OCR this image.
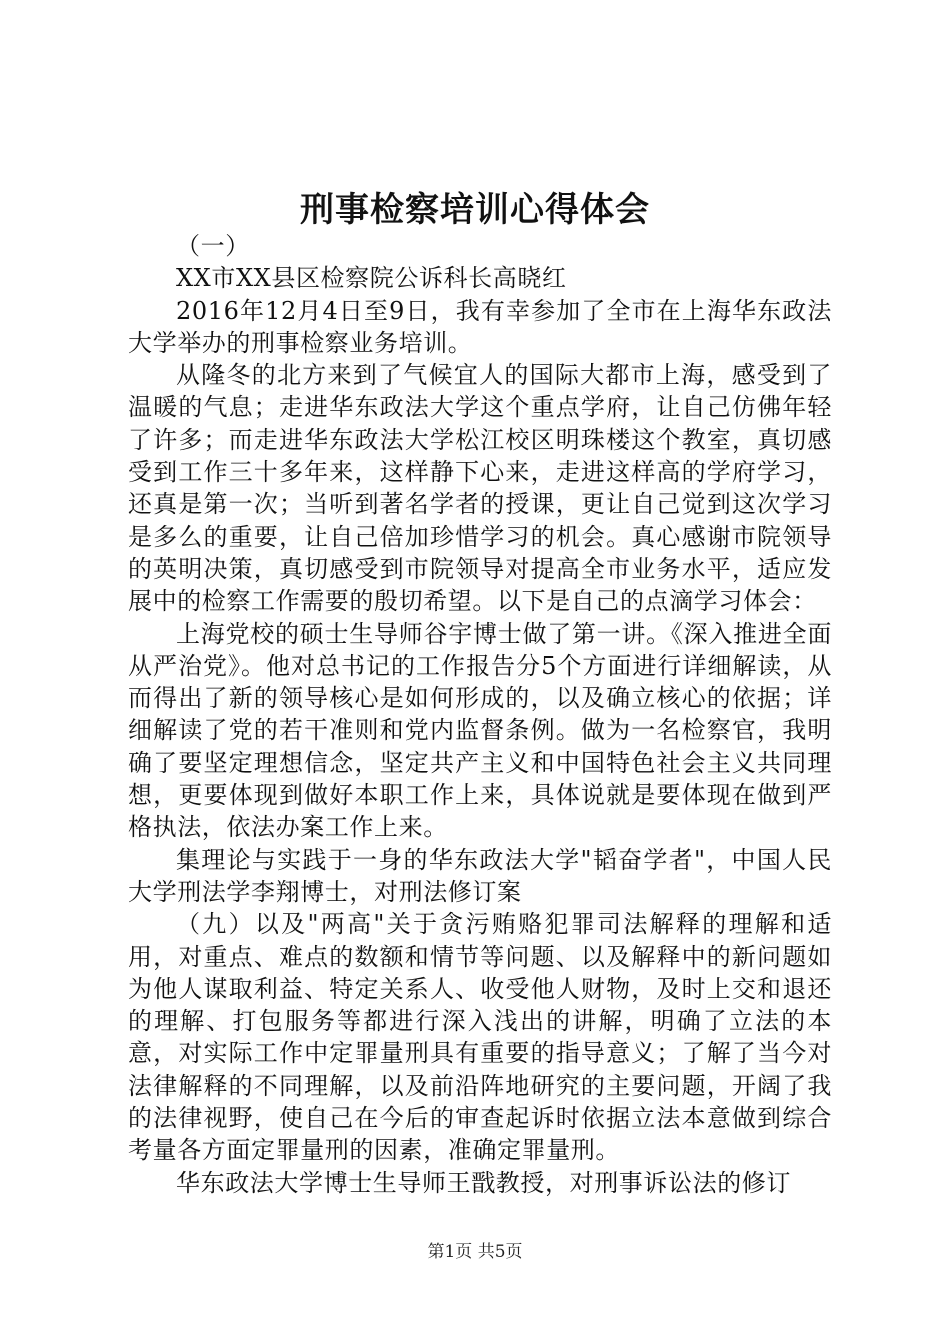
刑事检察培训心得体会

（一）

XX市XX县区检察院公诉科长高晓红

2016年12月4日至9日，我有幸参加了全市在上海华东政法大学举办的刑事检察业务培训。

从隆冬的北方来到了气候宜人的国际大都市上海，感受到了温暖的气息；走进华东政法大学这个重点学府，让自己仿佛年轻了许多；而走进华东政法大学松江校区明珠楼这个教室，真切感受到工作三十多年来，这样静下心来，走进这样高的学府学习，还真是第一次；当听到著名学者的授课，更让自己觉到这次学习是多么的重要，让自己倍加珍惜学习的机会。真心感谢市院领导的英明决策，真切感受到市院领导对提高全市业务水平，适应发展中的检察工作需要的殷切希望。以下是自己的点滴学习体会：

上海党校的硕士生导师谷宇博士做了第一讲。《深入推进全面从严治党》。他对总书记的工作报告分5个方面进行详细解读，从而得出了新的领导核心是如何形成的，以及确立核心的依据；详细解读了党的若干准则和党内监督条例。做为一名检察官，我明确了要坚定理想信念，坚定共产主义和中国特色社会主义共同理想，更要体现到做好本职工作上来，具体说就是要体现在做到严格执法，依法办案工作上来。

集理论与实践于一身的华东政法大学"韬奋学者"，中国人民大学刑法学李翔博士，对刑法修订案

（九）以及"两高"关于贪污贿赂犯罪司法解释的理解和适用，对重点、难点的数额和情节等问题、以及解释中的新问题如为他人谋取利益、特定关系人、收受他人财物，及时上交和退还的理解、打包服务等都进行深入浅出的讲解，明确了立法的本意，对实际工作中定罪量刑具有重要的指导意义；了解了当今对法律解释的不同理解，以及前沿阵地研究的主要问题，开阔了我的法律视野，使自己在今后的审查起诉时依据立法本意做到综合考量各方面定罪量刑的因素，准确定罪量刑。

华东政法大学博士生导师王戬教授，对刑事诉讼法的修订

第1页 共5页
